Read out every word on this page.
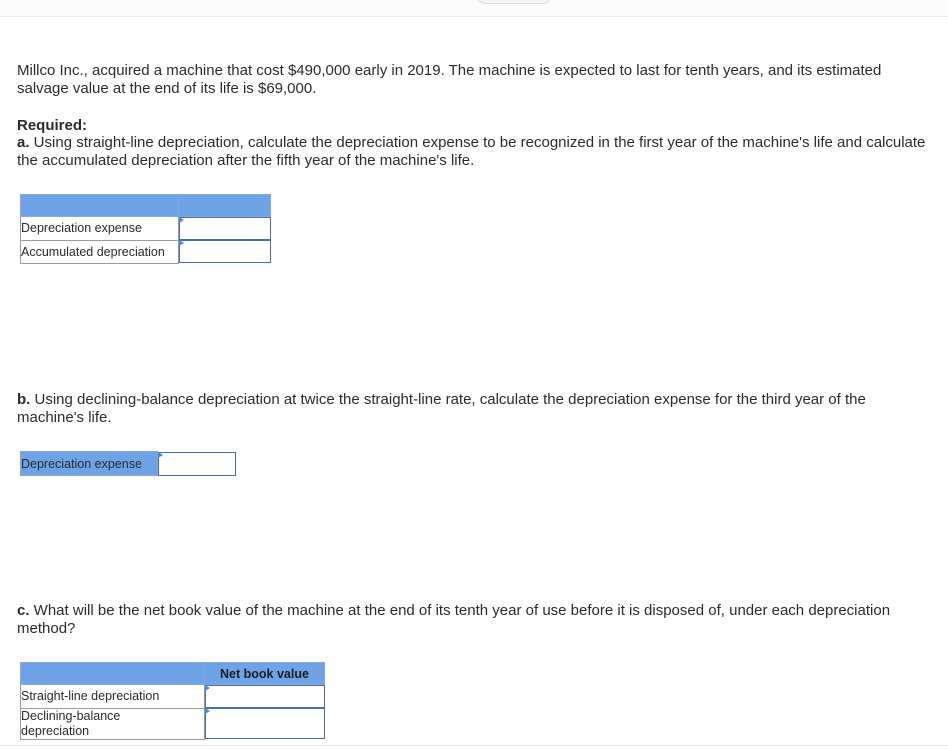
Millco Inc., acquired a machine that cost $490,000 early in 2019. The machine is expected to last for tenth years, and its estimated salvage value at the end of its life is $69,000.
Required:
a. Using straight-line depreciation, calculate the depreciation expense to be recognized in the first year of the machine's life and calculate the accumulated depreciation after the fifth year of the machine's life.

Depreciation expense	

Accumulated depreciation	
b. Using declining-balance depreciation at twice the straight-line rate, calculate the depreciation expense for the third year of the machine's life.
Depreciation expense	
c. What will be the net book value of the machine at the end of its tenth year of use before it is disposed of, under each depreciation method?
	Net book value
Straight-line depreciation	

Declining-balance
depreciation	
